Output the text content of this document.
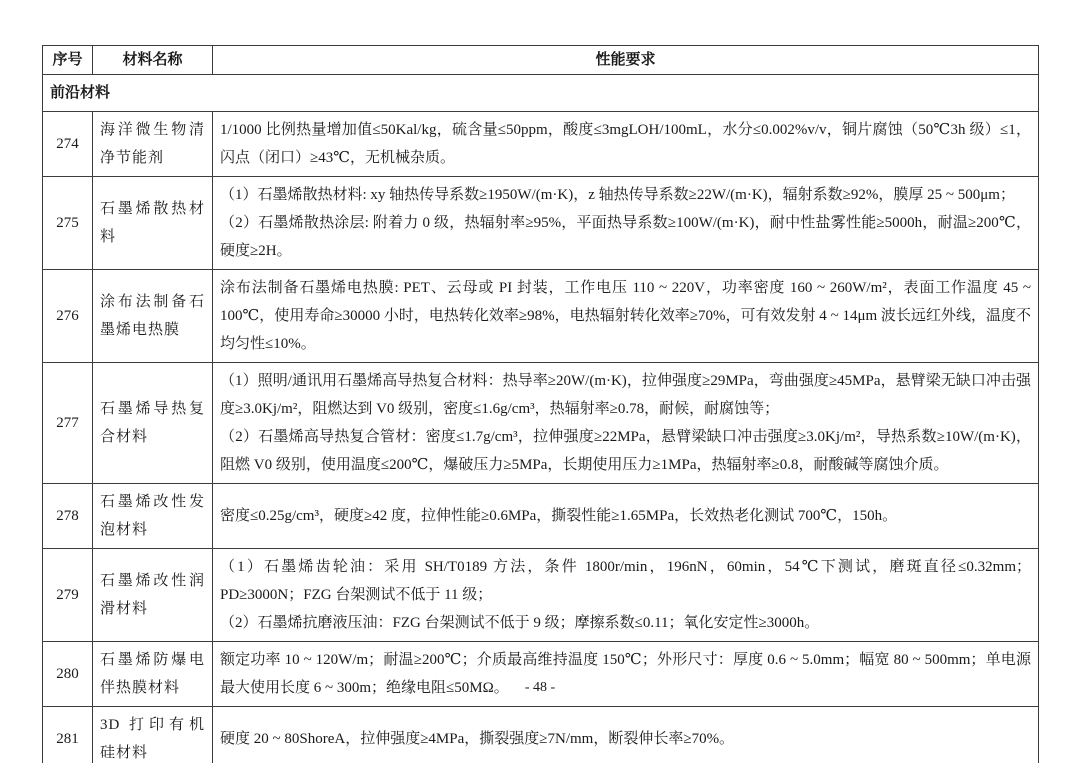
序号	材料名称	性能要求
前沿材料		
274	海洋微生物清净节能剂	1/1000 比例热量增加值≤50Kal/kg，硫含量≤50ppm，酸度≤3mgLOH/100mL，水分≤0.002%v/v，铜片腐蚀（50℃3h 级）≤1，闪点（闭口）≥43℃，无机械杂质。

275	石墨烯散热材料	（1）石墨烯散热材料: xy 轴热传导系数≥1950W/(m·K)，z 轴热传导系数≥22W/(m·K)，辐射系数≥92%，膜厚 25 ~ 500μm；
（2）石墨烯散热涂层: 附着力 0 级，热辐射率≥95%，平面热导系数≥100W/(m·K)，耐中性盐雾性能≥5000h，耐温≥200℃，硬度≥2H。

276	涂布法制备石墨烯电热膜	涂布法制备石墨烯电热膜: PET、云母或 PI 封装，工作电压 110 ~ 220V，功率密度 160 ~ 260W/m²，表面工作温度 45 ~ 100℃，使用寿命≥30000 小时，电热转化效率≥98%，电热辐射转化效率≥70%，可有效发射 4 ~ 14μm 波长远红外线，温度不均匀性≤10%。

277	石墨烯导热复合材料	（1）照明/通讯用石墨烯高导热复合材料：热导率≥20W/(m·K)，拉伸强度≥29MPa，弯曲强度≥45MPa，悬臂梁无缺口冲击强度≥3.0Kj/m²，阻燃达到 V0 级别，密度≤1.6g/cm³，热辐射率≥0.78，耐候，耐腐蚀等；
（2）石墨烯高导热复合管材：密度≤1.7g/cm³，拉伸强度≥22MPa，悬臂梁缺口冲击强度≥3.0Kj/m²，导热系数≥10W/(m·K)，阻燃 V0 级别，使用温度≤200℃，爆破压力≥5MPa，长期使用压力≥1MPa，热辐射率≥0.8，耐酸碱等腐蚀介质。

278	石墨烯改性发泡材料	密度≤0.25g/cm³，硬度≥42 度，拉伸性能≥0.6MPa，撕裂性能≥1.65MPa，长效热老化测试 700℃，150h。

279	石墨烯改性润滑材料	（1）石墨烯齿轮油：采用 SH/T0189 方法，条件 1800r/min，196nN，60min，54℃下测试，磨斑直径≤0.32mm；PD≥3000N；FZG 台架测试不低于 11 级；
（2）石墨烯抗磨液压油：FZG 台架测试不低于 9 级；摩擦系数≤0.11；氧化安定性≥3000h。

280	石墨烯防爆电伴热膜材料	额定功率 10 ~ 120W/m；耐温≥200℃；介质最高维持温度 150℃；外形尺寸：厚度 0.6 ~ 5.0mm；幅宽 80 ~ 500mm；单电源最大使用长度 6 ~ 300m；绝缘电阻≤50MΩ。

281	3D 打印有机硅材料	硬度 20 ~ 80ShoreA，拉伸强度≥4MPa，撕裂强度≥7N/mm，断裂伸长率≥70%。
- 48 -
